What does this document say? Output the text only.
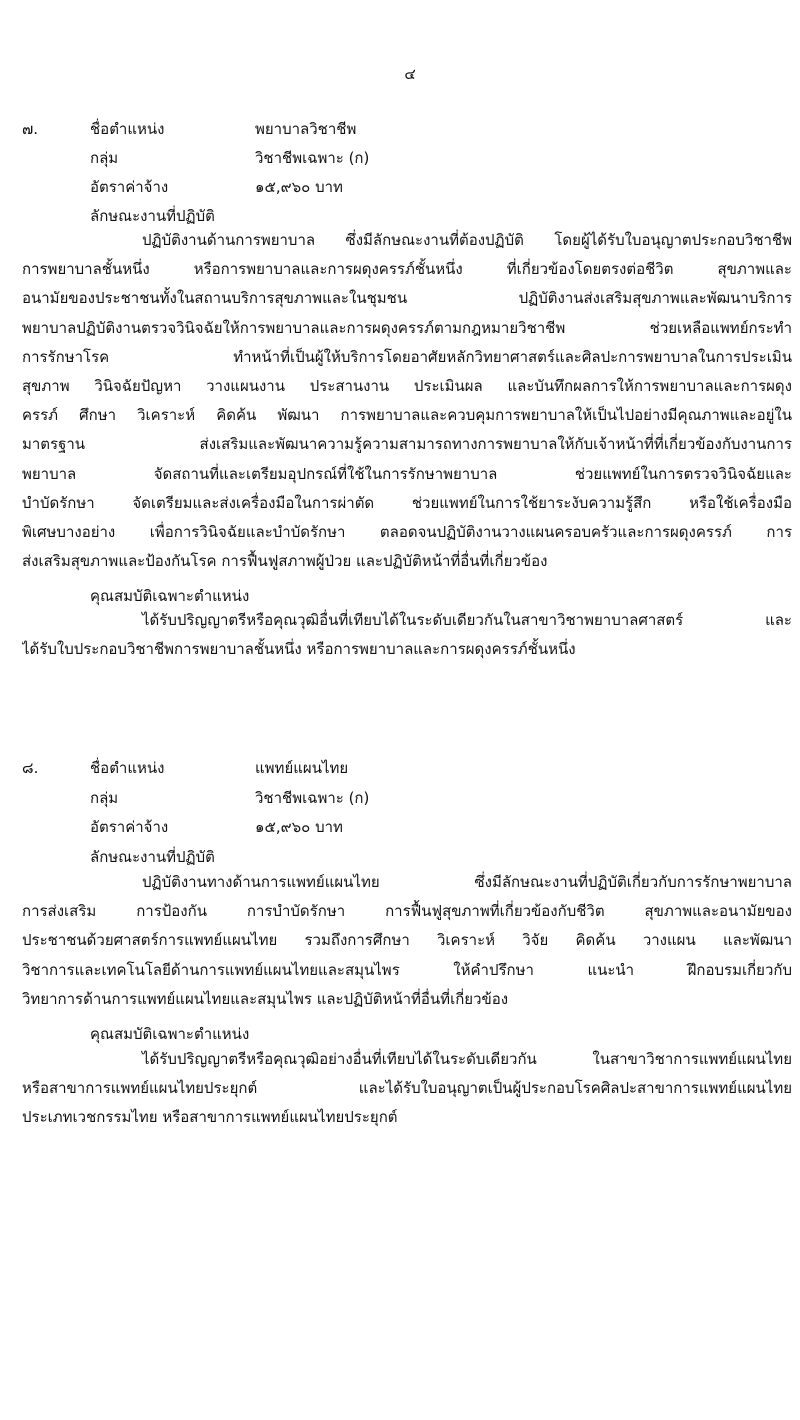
๔
๗.	ชื่อตำแหน่ง	พยาบาลวิชาชีพ
กลุ่ม	วิชาชีพเฉพาะ (ก)
อัตราค่าจ้าง	๑๕,๙๖๐ บาท
ลักษณะงานที่ปฏิบัติ
ปฏิบัติงานด้านการพยาบาล ซึ่งมีลักษณะงานที่ต้องปฏิบัติ โดยผู้ได้รับใบอนุญาตประกอบวิชาชีพ
การพยาบาลชั้นหนึ่ง หรือการพยาบาลและการผดุงครรภ์ชั้นหนึ่ง ที่เกี่ยวข้องโดยตรงต่อชีวิต สุขภาพและ
อนามัยของประชาชนทั้งในสถานบริการสุขภาพและในชุมชน ปฏิบัติงานส่งเสริมสุขภาพและพัฒนาบริการ
พยาบาลปฏิบัติงานตรวจวินิจฉัยให้การพยาบาลและการผดุงครรภ์ตามกฎหมายวิชาชีพ ช่วยเหลือแพทย์กระทำ
การรักษาโรค ทำหน้าที่เป็นผู้ให้บริการโดยอาศัยหลักวิทยาศาสตร์และศิลปะการพยาบาลในการประเมิน
สุขภาพ วินิจฉัยปัญหา วางแผนงาน ประสานงาน ประเมินผล และบันทึกผลการให้การพยาบาลและการผดุง
ครรภ์ ศึกษา วิเคราะห์ คิดค้น พัฒนา การพยาบาลและควบคุมการพยาบาลให้เป็นไปอย่างมีคุณภาพและอยู่ใน
มาตรฐาน ส่งเสริมและพัฒนาความรู้ความสามารถทางการพยาบาลให้กับเจ้าหน้าที่ที่เกี่ยวข้องกับงานการ
พยาบาล จัดสถานที่และเตรียมอุปกรณ์ที่ใช้ในการรักษาพยาบาล ช่วยแพทย์ในการตรวจวินิจฉัยและ
บำบัดรักษา จัดเตรียมและส่งเครื่องมือในการผ่าตัด ช่วยแพทย์ในการใช้ยาระงับความรู้สึก หรือใช้เครื่องมือ
พิเศษบางอย่าง เพื่อการวินิจฉัยและบำบัดรักษา ตลอดจนปฏิบัติงานวางแผนครอบครัวและการผดุงครรภ์ การ
ส่งเสริมสุขภาพและป้องกันโรค การฟื้นฟูสภาพผู้ป่วย และปฏิบัติหน้าที่อื่นที่เกี่ยวข้อง
คุณสมบัติเฉพาะตำแหน่ง
ได้รับปริญญาตรีหรือคุณวุฒิอื่นที่เทียบได้ในระดับเดียวกันในสาขาวิชาพยาบาลศาสตร์ และ
ได้รับใบประกอบวิชาชีพการพยาบาลชั้นหนึ่ง หรือการพยาบาลและการผดุงครรภ์ชั้นหนึ่ง
๘.	ชื่อตำแหน่ง	แพทย์แผนไทย
กลุ่ม	วิชาชีพเฉพาะ (ก)
อัตราค่าจ้าง	๑๕,๙๖๐ บาท
ลักษณะงานที่ปฏิบัติ
ปฏิบัติงานทางด้านการแพทย์แผนไทย ซึ่งมีลักษณะงานที่ปฏิบัติเกี่ยวกับการรักษาพยาบาล
การส่งเสริม การป้องกัน การบำบัดรักษา การฟื้นฟูสุขภาพที่เกี่ยวข้องกับชีวิต สุขภาพและอนามัยของ
ประชาชนด้วยศาสตร์การแพทย์แผนไทย รวมถึงการศึกษา วิเคราะห์ วิจัย คิดค้น วางแผน และพัฒนา
วิชาการและเทคโนโลยีด้านการแพทย์แผนไทยและสมุนไพร ให้คำปรึกษา แนะนำ ฝึกอบรมเกี่ยวกับ
วิทยาการด้านการแพทย์แผนไทยและสมุนไพร และปฏิบัติหน้าที่อื่นที่เกี่ยวข้อง
คุณสมบัติเฉพาะตำแหน่ง
ได้รับปริญญาตรีหรือคุณวุฒิอย่างอื่นที่เทียบได้ในระดับเดียวกัน ในสาขาวิชาการแพทย์แผนไทย
หรือสาขาการแพทย์แผนไทยประยุกต์ และได้รับใบอนุญาตเป็นผู้ประกอบโรคศิลปะสาขาการแพทย์แผนไทย
ประเภทเวชกรรมไทย หรือสาขาการแพทย์แผนไทยประยุกต์
